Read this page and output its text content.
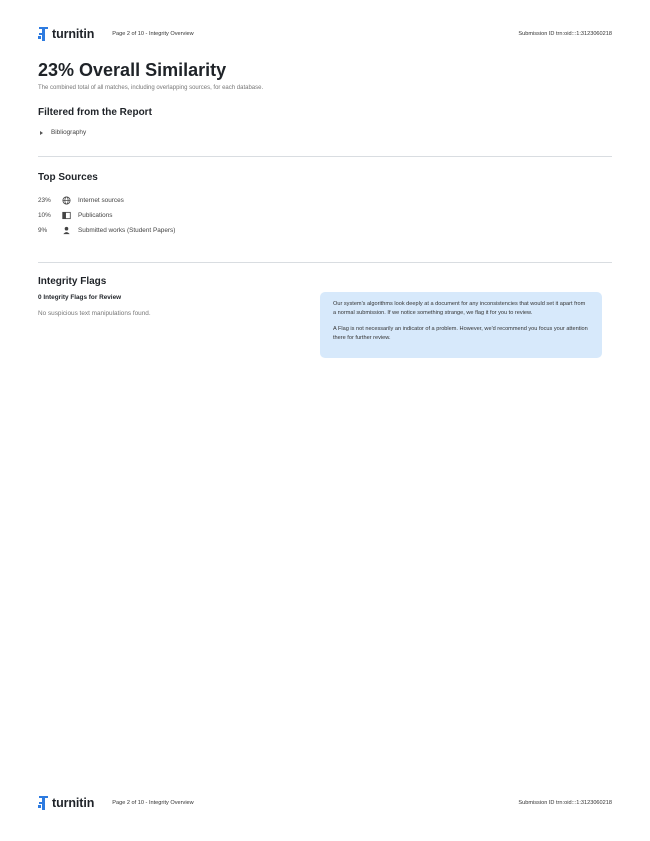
turnitin	Page 2 of 10 - Integrity Overview	Submission ID trn:oid:::1:3123060218
23% Overall Similarity
The combined total of all matches, including overlapping sources, for each database.
Filtered from the Report
Bibliography
Top Sources
23%	Internet sources
10%	Publications
9%	Submitted works (Student Papers)
Integrity Flags
0 Integrity Flags for Review
No suspicious text manipulations found.

Our system's algorithms look deeply at a document for any inconsistencies that would set it apart from a normal submission. If we notice something strange, we flag it for you to review.

A Flag is not necessarily an indicator of a problem. However, we'd recommend you focus your attention there for further review.

turnitin	Page 2 of 10 - Integrity Overview	Submission ID trn:oid:::1:3123060218
